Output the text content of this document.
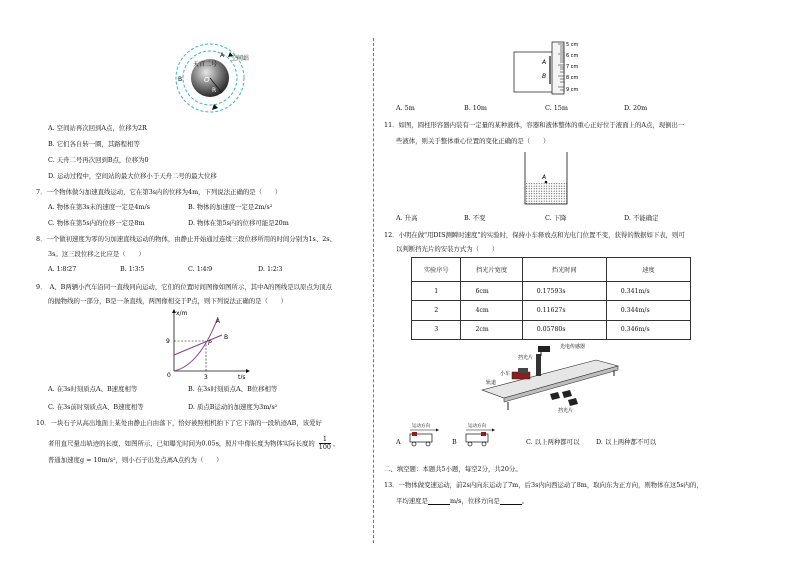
A 空间站
天宫二号
O
R
B
A. 空间站再次回到A点，位移为2R
B. 它们各自转一圈，其路程相等
C. 天舟二号再次回到B点，位移为0
D. 运动过程中，空间站的最大位移小于天舟二号的最大位移
7．一个物体做匀加速直线运动，它在第3s内的位移为4m，下列说法正确的是（　　）
A. 物体在第3s末的速度一定是4m/s	B. 物体的加速度一定是2m/s²
C. 物体在第5s内的位移一定是8m	D. 物体在第5s内的位移可能是20m
8．一个做初速度为零的匀加速直线运动的物体，由静止开始通过连续三段位移所用的时间分别为1s、2s、
3s。这三段位移之比应是（　　）
A. 1∶8∶27	B. 1∶3∶5	C. 1∶4∶9	D. 1∶2∶3
9．　A、B两辆小汽车沿同一直线同向运动，它们的位置时间图像如图所示，其中A的图线是以原点为顶点
的抛物线的一部分，B是一条直线，两图像相交于P点，则下列说法正确的是（　　）
x/m
t/s
0
9
3
A
B
P
A. 在3s时刻质点A、B速度相等	B. 在3s时刻质点A、B位移相等
C. 在3s前时刻质点A、B速度相等	D. 质点B运动的加速度为3m/s²
10．一块石子从高出地面上某处由静止自由落下，恰好被照相机拍下了它下落的一段轨迹AB，该爱好
者用直尺量出轨迹的长度，如图所示，已知曝光时间为0.05s，照片中像长度为物体实际长度的 $\frac{1}{100}$ ，
普通加速度g = 10m/s²，则小石子出发点离A点约为（　　）
A
B
5 cm
6 cm
7 cm
8 cm
9 cm
A. 5m	B. 10m	C. 15m	D. 20m
11．如图，圆柱形容器内装有一定量的某种液体，容器和液体整体的重心正好位于液面上的A点，现倒出一
些液体，则关于整体重心位置的变化正确的是（　　）
A
A. 升高	B. 不变	C. 下降	D. 不能确定
12．小明在做"用DIS测瞬时速度"的实验时，保持小车释放点和光电门位置不变，获得的数据如下表，则可
以判断挡光片的安装方式为（　　）
实验序号	挡光片宽度	挡光时间	速度
1	6cm	0.17593s	0.341m/s
2	4cm	0.11627s	0.344m/s
3	2cm	0.05780s	0.346m/s
光电传感器
挡光片
小车
轨道
挡光片
A
运动方向
B
运动方向
C. 以上两种都可以	D. 以上两种都不可以
二、填空题：本题共5小题，每空2分，共20分。
13．一物体做变速运动，前2s内向东运动了7m，后3s内向西运动了8m，取向东为正方向，则物体在这5s内的，
平均速度是	m/s，位移方向是	。
